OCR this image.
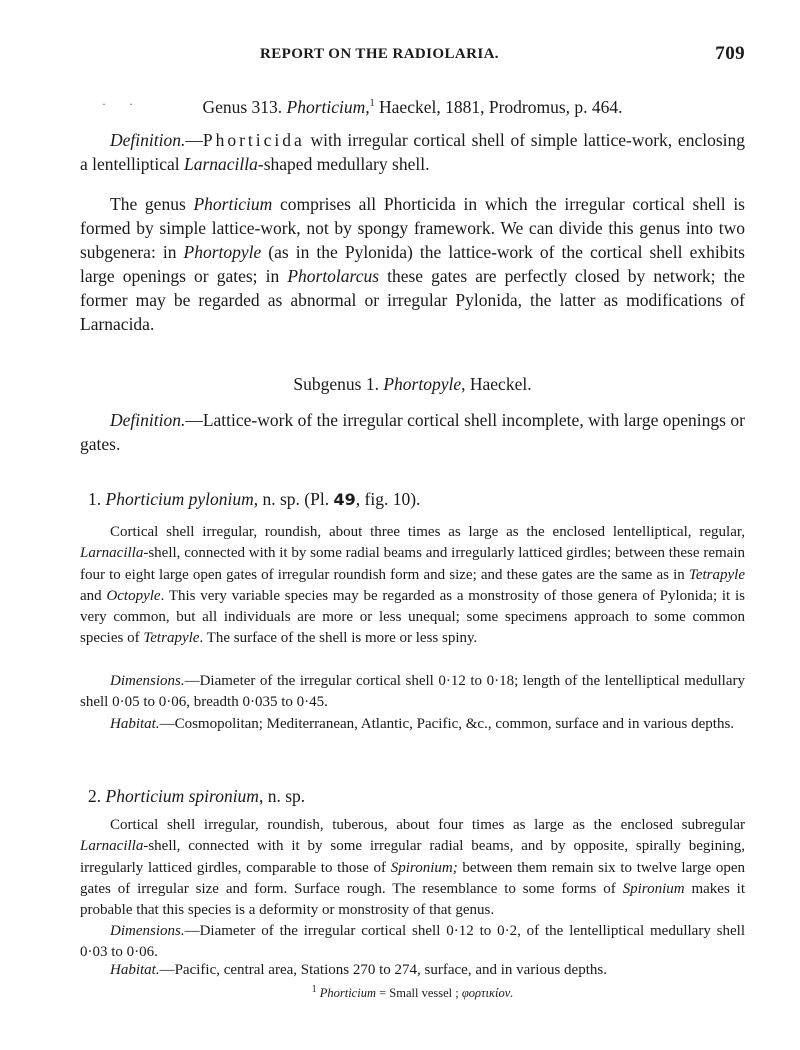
REPORT ON THE RADIOLARIA.	709
· ·	Genus 313. Phorticium,$^1$ Haeckel, 1881, Prodromus, p. 464.
Definition.—Phorticida with irregular cortical shell of simple lattice-work, enclosing a lentelliptical Larnacilla-shaped medullary shell.
The genus Phorticium comprises all Phorticida in which the irregular cortical shell is formed by simple lattice-work, not by spongy framework. We can divide this genus into two subgenera: in Phortopyle (as in the Pylonida) the lattice-work of the cortical shell exhibits large openings or gates; in Phortolarcus these gates are perfectly closed by network; the former may be regarded as abnormal or irregular Pylonida, the latter as modifications of Larnacida.
Subgenus 1. Phortopyle, Haeckel.
Definition.—Lattice-work of the irregular cortical shell incomplete, with large openings or gates.
1. Phorticium pylonium, n. sp. (Pl. 49, fig. 10).
Cortical shell irregular, roundish, about three times as large as the enclosed lentelliptical, regular, Larnacilla-shell, connected with it by some radial beams and irregularly latticed girdles; between these remain four to eight large open gates of irregular roundish form and size; and these gates are the same as in Tetrapyle and Octopyle. This very variable species may be regarded as a monstrosity of those genera of Pylonida; it is very common, but all individuals are more or less unequal; some specimens approach to some common species of Tetrapyle. The surface of the shell is more or less spiny.
Dimensions.—Diameter of the irregular cortical shell 0·12 to 0·18; length of the lentelliptical medullary shell 0·05 to 0·06, breadth 0·035 to 0·45.
Habitat.—Cosmopolitan; Mediterranean, Atlantic, Pacific, &c., common, surface and in various depths.
2. Phorticium spironium, n. sp.
Cortical shell irregular, roundish, tuberous, about four times as large as the enclosed subregular Larnacilla-shell, connected with it by some irregular radial beams, and by opposite, spirally begining, irregularly latticed girdles, comparable to those of Spironium; between them remain six to twelve large open gates of irregular size and form. Surface rough. The resemblance to some forms of Spironium makes it probable that this species is a deformity or monstrosity of that genus.
Dimensions.—Diameter of the irregular cortical shell 0·12 to 0·2, of the lentelliptical medullary shell 0·03 to 0·06.
Habitat.—Pacific, central area, Stations 270 to 274, surface, and in various depths.
$^1$ Phorticium = Small vessel ; φορτικίον.
